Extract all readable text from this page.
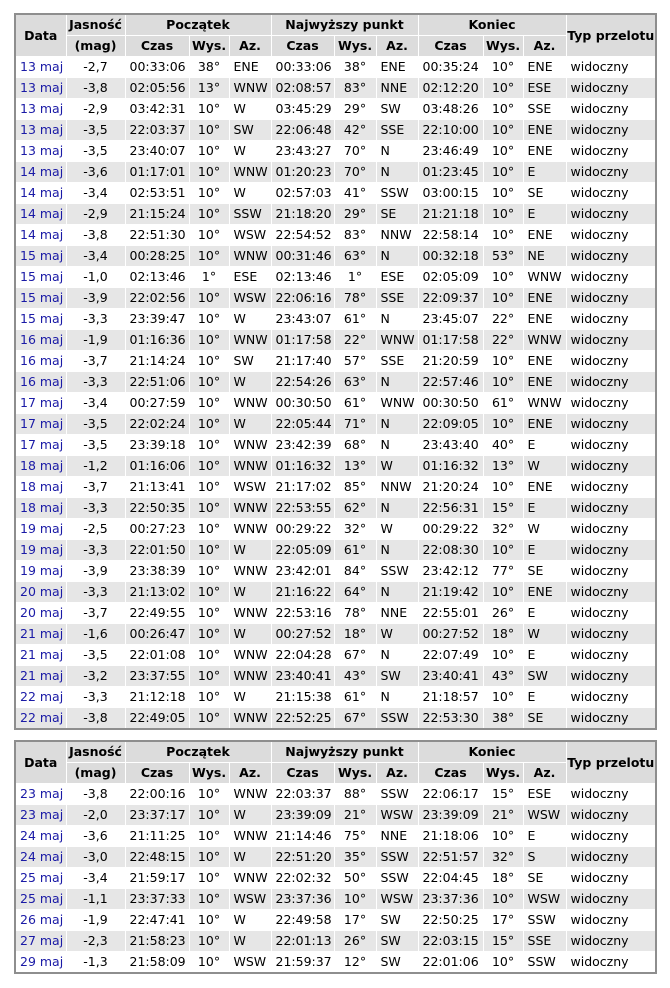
Data	Jasność	Początek			Najwyższy punkt			Koniec			Typ przelotu
	(mag)	Czas	Wys.	Az.	Czas	Wys.	Az.	Czas	Wys.	Az.	
13 maj	-2,7	00:33:06	38°	ENE	00:33:06	38°	ENE	00:35:24	10°	ENE	widoczny
13 maj	-3,8	02:05:56	13°	WNW	02:08:57	83°	NNE	02:12:20	10°	ESE	widoczny
13 maj	-2,9	03:42:31	10°	W	03:45:29	29°	SW	03:48:26	10°	SSE	widoczny
13 maj	-3,5	22:03:37	10°	SW	22:06:48	42°	SSE	22:10:00	10°	ENE	widoczny
13 maj	-3,5	23:40:07	10°	W	23:43:27	70°	N	23:46:49	10°	ENE	widoczny
14 maj	-3,6	01:17:01	10°	WNW	01:20:23	70°	N	01:23:45	10°	E	widoczny
14 maj	-3,4	02:53:51	10°	W	02:57:03	41°	SSW	03:00:15	10°	SE	widoczny
14 maj	-2,9	21:15:24	10°	SSW	21:18:20	29°	SE	21:21:18	10°	E	widoczny
14 maj	-3,8	22:51:30	10°	WSW	22:54:52	83°	NNW	22:58:14	10°	ENE	widoczny
15 maj	-3,4	00:28:25	10°	WNW	00:31:46	63°	N	00:32:18	53°	NE	widoczny
15 maj	-1,0	02:13:46	1°	ESE	02:13:46	1°	ESE	02:05:09	10°	WNW	widoczny
15 maj	-3,9	22:02:56	10°	WSW	22:06:16	78°	SSE	22:09:37	10°	ENE	widoczny
15 maj	-3,3	23:39:47	10°	W	23:43:07	61°	N	23:45:07	22°	ENE	widoczny
16 maj	-1,9	01:16:36	10°	WNW	01:17:58	22°	WNW	01:17:58	22°	WNW	widoczny
16 maj	-3,7	21:14:24	10°	SW	21:17:40	57°	SSE	21:20:59	10°	ENE	widoczny
16 maj	-3,3	22:51:06	10°	W	22:54:26	63°	N	22:57:46	10°	ENE	widoczny
17 maj	-3,4	00:27:59	10°	WNW	00:30:50	61°	WNW	00:30:50	61°	WNW	widoczny
17 maj	-3,5	22:02:24	10°	W	22:05:44	71°	N	22:09:05	10°	ENE	widoczny
17 maj	-3,5	23:39:18	10°	WNW	23:42:39	68°	N	23:43:40	40°	E	widoczny
18 maj	-1,2	01:16:06	10°	WNW	01:16:32	13°	W	01:16:32	13°	W	widoczny
18 maj	-3,7	21:13:41	10°	WSW	21:17:02	85°	NNW	21:20:24	10°	ENE	widoczny
18 maj	-3,3	22:50:35	10°	WNW	22:53:55	62°	N	22:56:31	15°	E	widoczny
19 maj	-2,5	00:27:23	10°	WNW	00:29:22	32°	W	00:29:22	32°	W	widoczny
19 maj	-3,3	22:01:50	10°	W	22:05:09	61°	N	22:08:30	10°	E	widoczny
19 maj	-3,9	23:38:39	10°	WNW	23:42:01	84°	SSW	23:42:12	77°	SE	widoczny
20 maj	-3,3	21:13:02	10°	W	21:16:22	64°	N	21:19:42	10°	ENE	widoczny
20 maj	-3,7	22:49:55	10°	WNW	22:53:16	78°	NNE	22:55:01	26°	E	widoczny
21 maj	-1,6	00:26:47	10°	W	00:27:52	18°	W	00:27:52	18°	W	widoczny
21 maj	-3,5	22:01:08	10°	WNW	22:04:28	67°	N	22:07:49	10°	E	widoczny
21 maj	-3,2	23:37:55	10°	WNW	23:40:41	43°	SW	23:40:41	43°	SW	widoczny
22 maj	-3,3	21:12:18	10°	W	21:15:38	61°	N	21:18:57	10°	E	widoczny
22 maj	-3,8	22:49:05	10°	WNW	22:52:25	67°	SSW	22:53:30	38°	SE	widoczny
Data	Jasność	Początek			Najwyższy punkt			Koniec			Typ przelotu
	(mag)	Czas	Wys.	Az.	Czas	Wys.	Az.	Czas	Wys.	Az.	
23 maj	-3,8	22:00:16	10°	WNW	22:03:37	88°	SSW	22:06:17	15°	ESE	widoczny
23 maj	-2,0	23:37:17	10°	W	23:39:09	21°	WSW	23:39:09	21°	WSW	widoczny
24 maj	-3,6	21:11:25	10°	WNW	21:14:46	75°	NNE	21:18:06	10°	E	widoczny
24 maj	-3,0	22:48:15	10°	W	22:51:20	35°	SSW	22:51:57	32°	S	widoczny
25 maj	-3,4	21:59:17	10°	WNW	22:02:32	50°	SSW	22:04:45	18°	SE	widoczny
25 maj	-1,1	23:37:33	10°	WSW	23:37:36	10°	WSW	23:37:36	10°	WSW	widoczny
26 maj	-1,9	22:47:41	10°	W	22:49:58	17°	SW	22:50:25	17°	SSW	widoczny
27 maj	-2,3	21:58:23	10°	W	22:01:13	26°	SW	22:03:15	15°	SSE	widoczny
29 maj	-1,3	21:58:09	10°	WSW	21:59:37	12°	SW	22:01:06	10°	SSW	widoczny
